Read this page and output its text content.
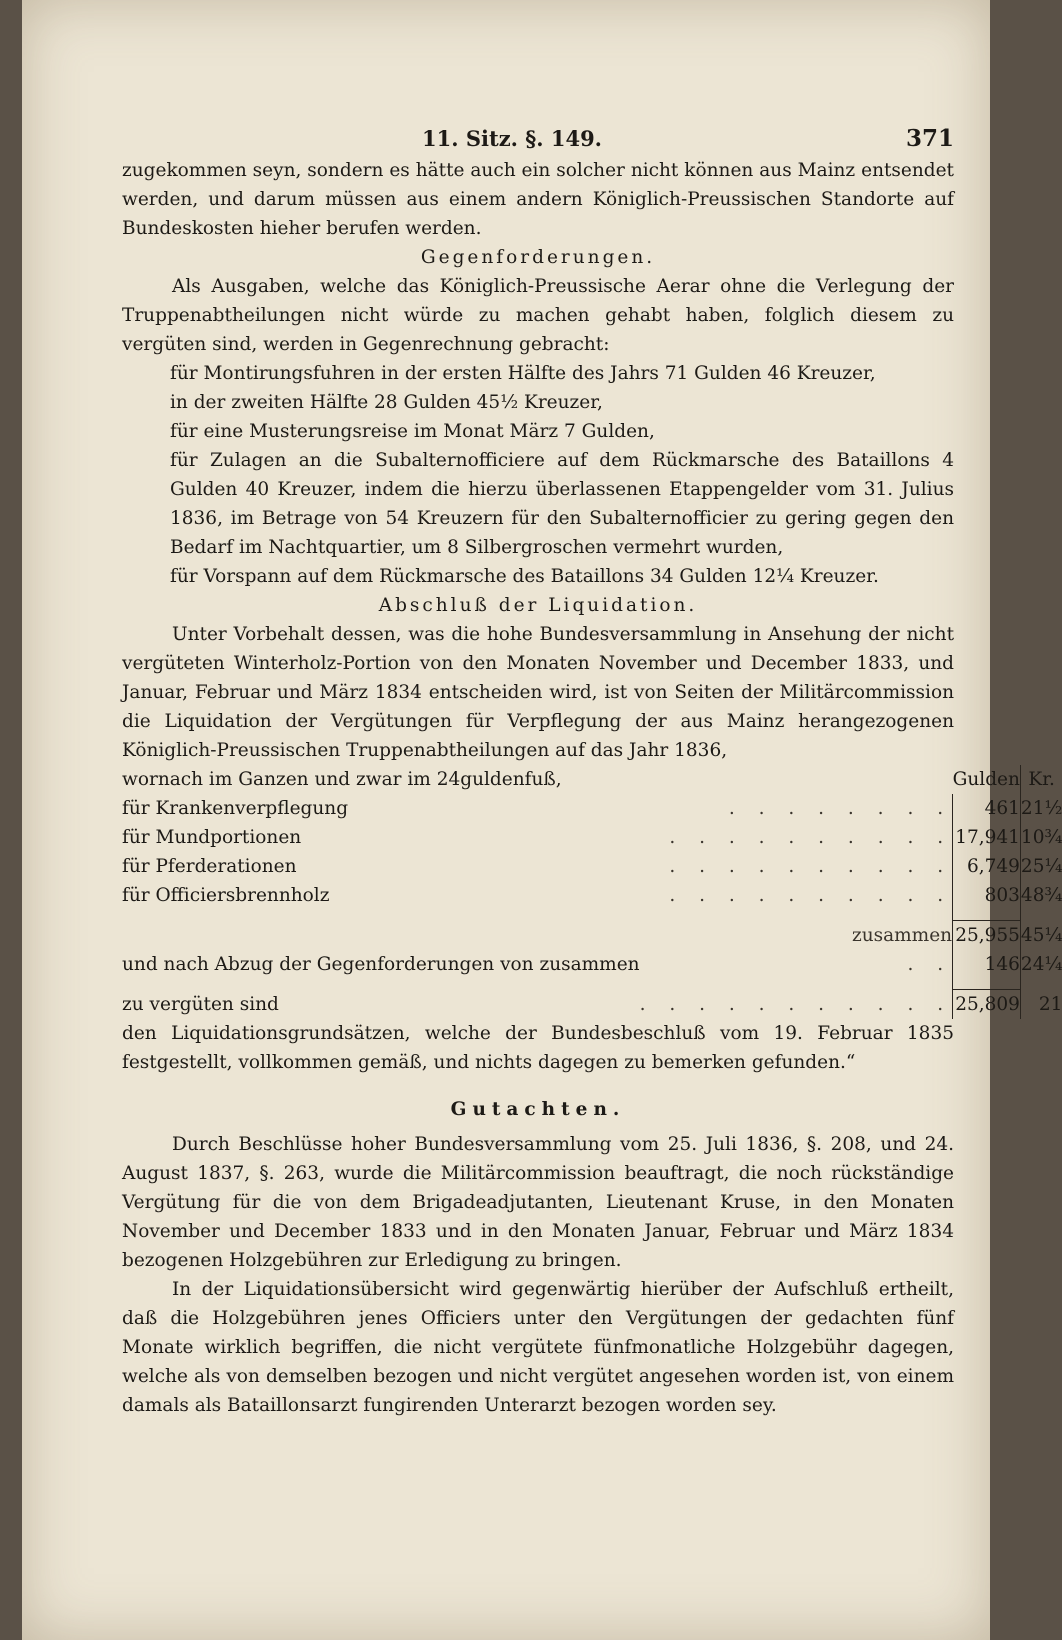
11. Sitz. §. 149.	371

zugekommen seyn, sondern es hätte auch ein solcher nicht können aus Mainz entsendet werden, und darum müssen aus einem andern Königlich-Preussischen Standorte auf Bundeskosten hieher berufen werden.

Gegenforderungen.

Als Ausgaben, welche das Königlich-Preussische Aerar ohne die Verlegung der Truppenabtheilungen nicht würde zu machen gehabt haben, folglich diesem zu vergüten sind, werden in Gegenrechnung gebracht:

für Montirungsfuhren in der ersten Hälfte des Jahrs 71 Gulden 46 Kreuzer,

in der zweiten Hälfte 28 Gulden 45½ Kreuzer,

für eine Musterungsreise im Monat März 7 Gulden,

für Zulagen an die Subalternofficiere auf dem Rückmarsche des Bataillons 4 Gulden 40 Kreuzer, indem die hierzu überlassenen Etappengelder vom 31. Julius 1836, im Betrage von 54 Kreuzern für den Subalternofficier zu gering gegen den Bedarf im Nachtquartier, um 8 Silbergroschen vermehrt wurden,

für Vorspann auf dem Rückmarsche des Bataillons 34 Gulden 12¼ Kreuzer.

Abschluß der Liquidation.

Unter Vorbehalt dessen, was die hohe Bundesversammlung in Ansehung der nicht vergüteten Winterholz-Portion von den Monaten November und December 1833, und Januar, Februar und März 1834 entscheiden wird, ist von Seiten der Militärcommission die Liquidation der Vergütungen für Verpflegung der aus Mainz herangezogenen Königlich-Preussischen Truppenabtheilungen auf das Jahr 1836,

wornach im Ganzen und zwar im 24guldenfuß,		Gulden	Kr.
für Krankenverpflegung	. . . . . . . .	461	21½
für Mundportionen	. . . . . . . . . .	17,941	10¾
für Pferderationen	. . . . . . . . . .	6,749	25¼
für Officiersbrennholz	. . . . . . . . . .	803	48¾

	zusammen	25,955	45¼
und nach Abzug der Gegenforderungen von zusammen	. .	146	24¼

zu vergüten sind	. . . . . . . . . . .	25,809	21

den Liquidationsgrundsätzen, welche der Bundesbeschluß vom 19. Februar 1835 festgestellt, vollkommen gemäß, und nichts dagegen zu bemerken gefunden.“

Gutachten.

Durch Beschlüsse hoher Bundesversammlung vom 25. Juli 1836, §. 208, und 24. August 1837, §. 263, wurde die Militärcommission beauftragt, die noch rückständige Vergütung für die von dem Brigadeadjutanten, Lieutenant Kruse, in den Monaten November und December 1833 und in den Monaten Januar, Februar und März 1834 bezogenen Holzgebühren zur Erledigung zu bringen.

In der Liquidationsübersicht wird gegenwärtig hierüber der Aufschluß ertheilt, daß die Holzgebühren jenes Officiers unter den Vergütungen der gedachten fünf Monate wirklich begriffen, die nicht vergütete fünfmonatliche Holzgebühr dagegen, welche als von demselben bezogen und nicht vergütet angesehen worden ist, von einem damals als Bataillonsarzt fungirenden Unterarzt bezogen worden sey.
